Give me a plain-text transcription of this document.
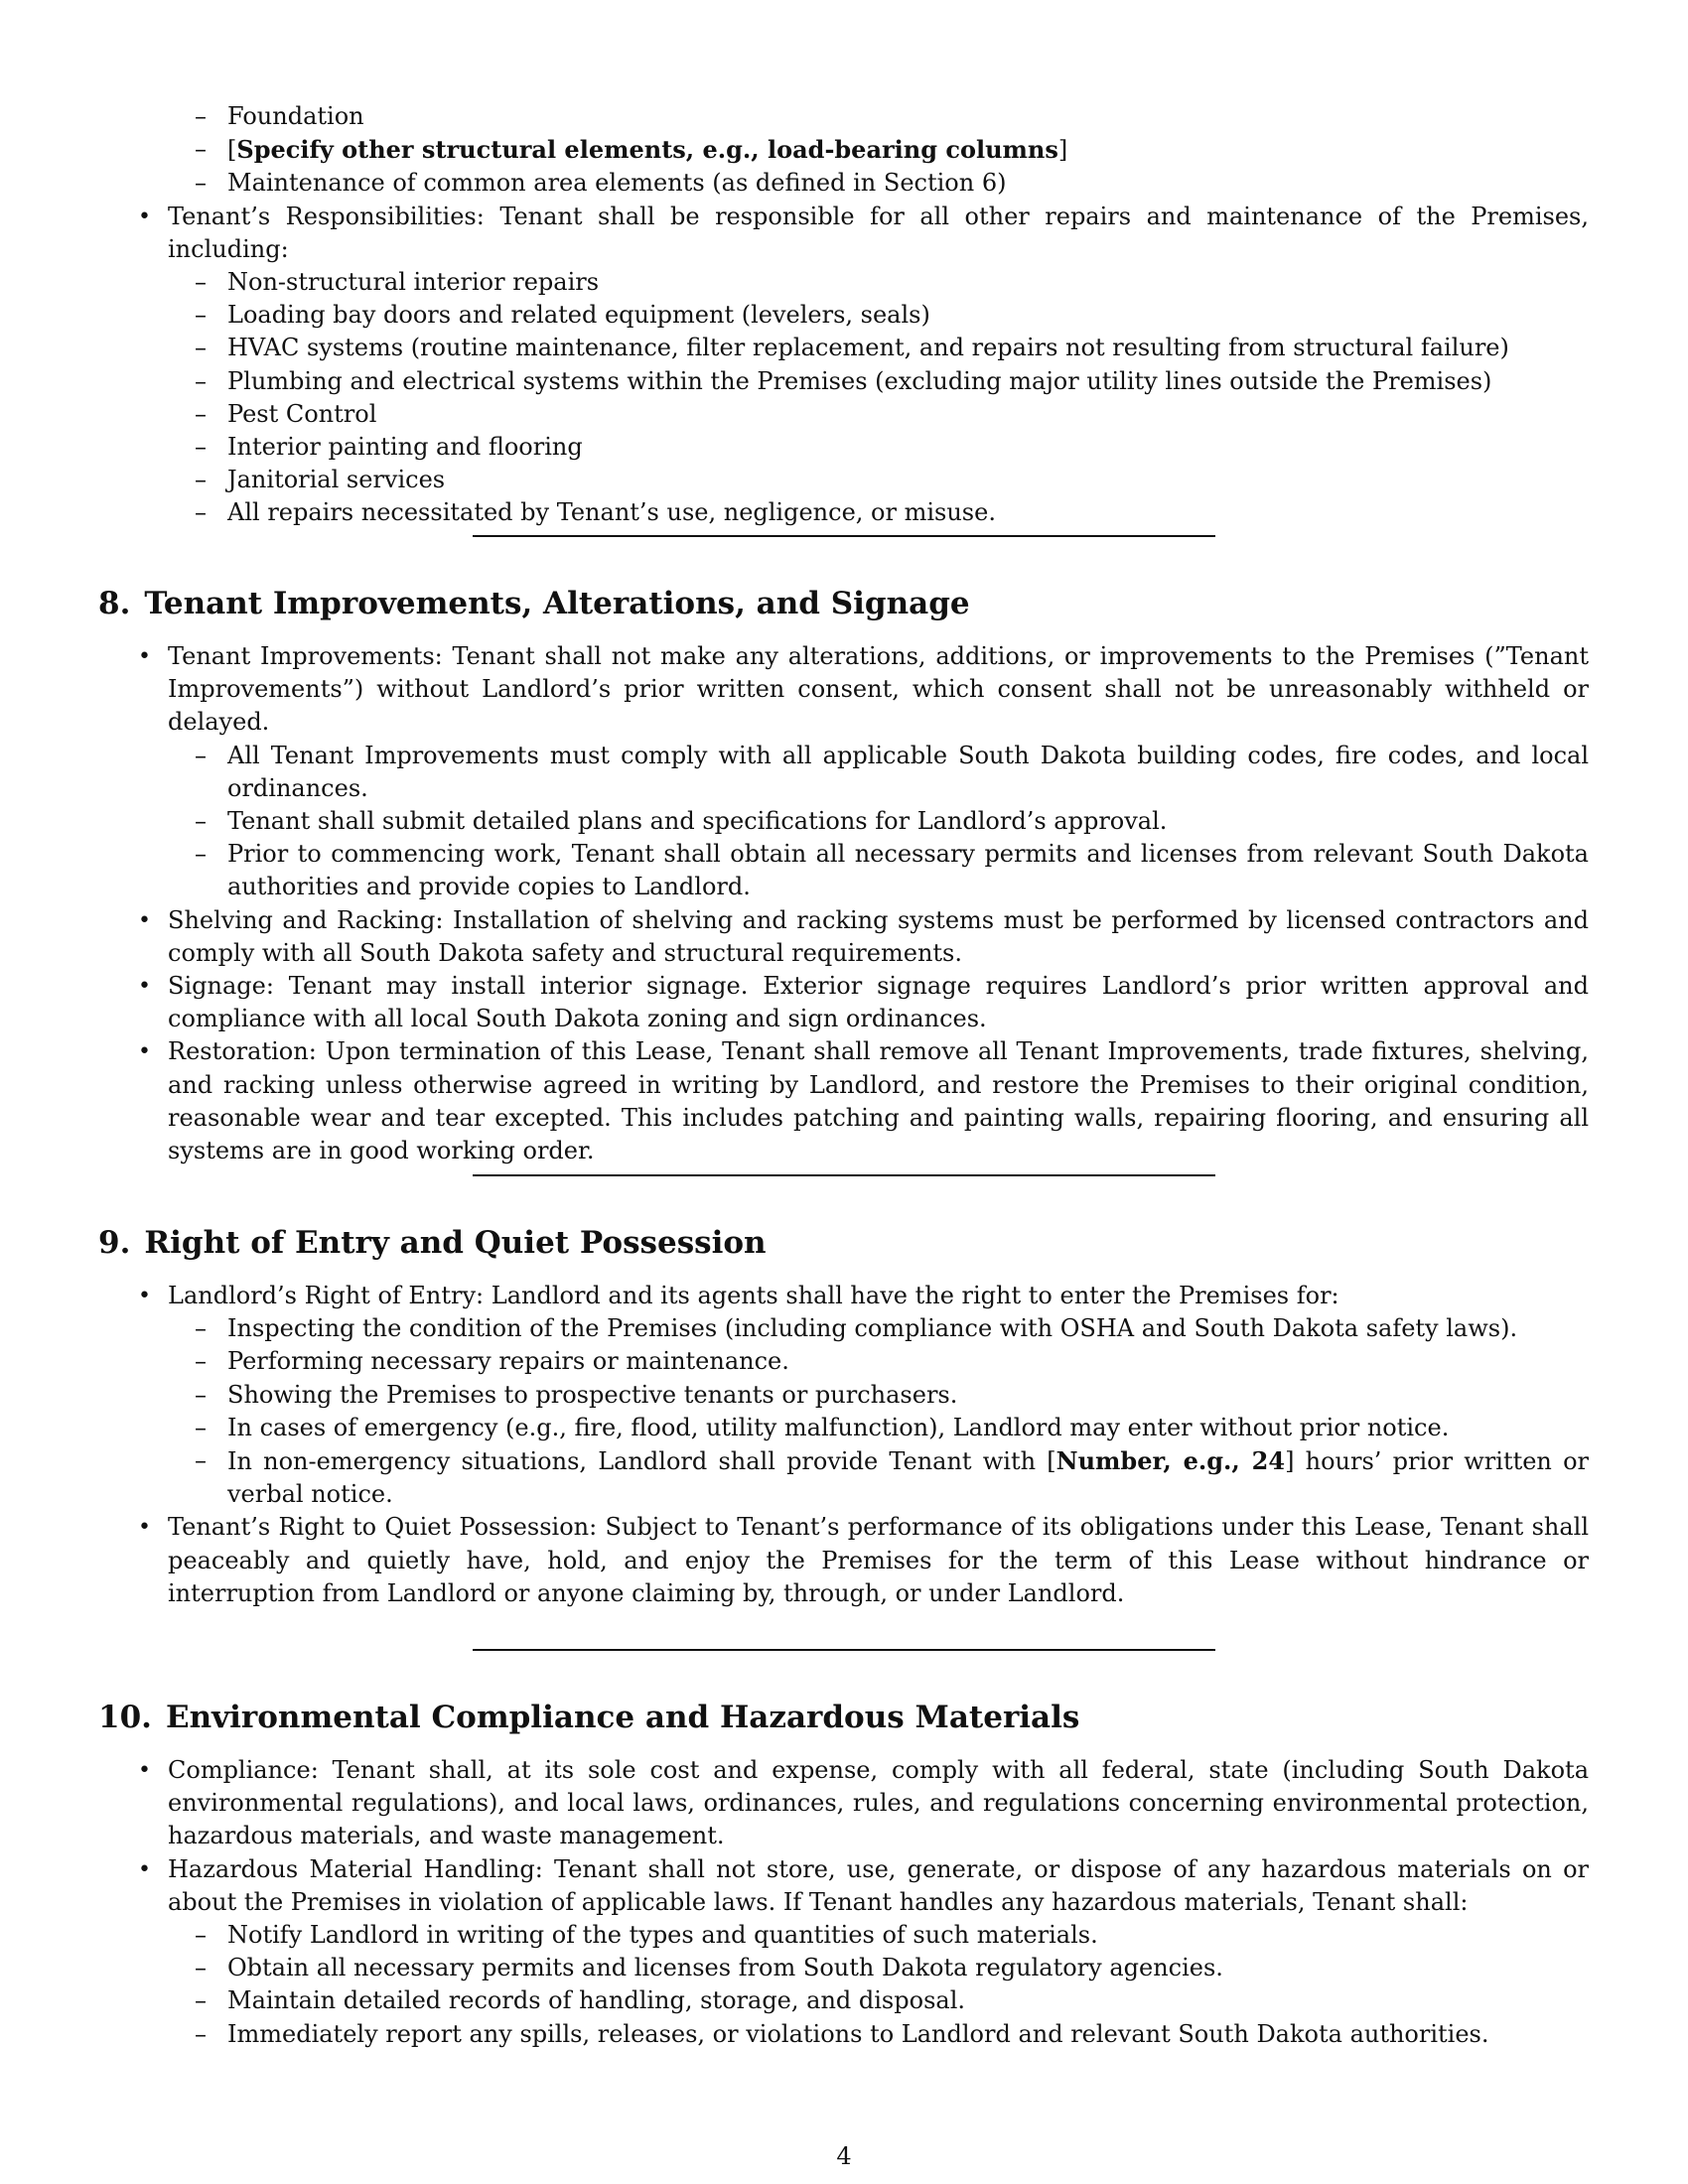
– Foundation
– [Specify other structural elements, e.g., load-bearing columns]
– Maintenance of common area elements (as defined in Section 6)
• Tenant’s Responsibilities: Tenant shall be responsible for all other repairs and maintenance of the Premises, including:
– Non-structural interior repairs
– Loading bay doors and related equipment (levelers, seals)
– HVAC systems (routine maintenance, filter replacement, and repairs not resulting from structural failure)
– Plumbing and electrical systems within the Premises (excluding major utility lines outside the Premises)
– Pest Control
– Interior painting and flooring
– Janitorial services
– All repairs necessitated by Tenant’s use, negligence, or misuse.
8. Tenant Improvements, Alterations, and Signage
• Tenant Improvements: Tenant shall not make any alterations, additions, or improvements to the Premises (”Tenant Improvements”) without Landlord’s prior written consent, which consent shall not be unreasonably withheld or delayed.
– All Tenant Improvements must comply with all applicable South Dakota building codes, fire codes, and local ordinances.
– Tenant shall submit detailed plans and specifications for Landlord’s approval.
– Prior to commencing work, Tenant shall obtain all necessary permits and licenses from relevant South Dakota authorities and provide copies to Landlord.
• Shelving and Racking: Installation of shelving and racking systems must be performed by licensed contractors and comply with all South Dakota safety and structural requirements.
• Signage: Tenant may install interior signage. Exterior signage requires Landlord’s prior written approval and compliance with all local South Dakota zoning and sign ordinances.
• Restoration: Upon termination of this Lease, Tenant shall remove all Tenant Improvements, trade fixtures, shelving, and racking unless otherwise agreed in writing by Landlord, and restore the Premises to their original condition, reasonable wear and tear excepted. This includes patching and painting walls, repairing flooring, and ensuring all systems are in good working order.
9. Right of Entry and Quiet Possession
• Landlord’s Right of Entry: Landlord and its agents shall have the right to enter the Premises for:
– Inspecting the condition of the Premises (including compliance with OSHA and South Dakota safety laws).
– Performing necessary repairs or maintenance.
– Showing the Premises to prospective tenants or purchasers.
– In cases of emergency (e.g., fire, flood, utility malfunction), Landlord may enter without prior notice.
– In non-emergency situations, Landlord shall provide Tenant with [Number, e.g., 24] hours’ prior written or verbal notice.
• Tenant’s Right to Quiet Possession: Subject to Tenant’s performance of its obligations under this Lease, Tenant shall peaceably and quietly have, hold, and enjoy the Premises for the term of this Lease without hindrance or interruption from Landlord or anyone claiming by, through, or under Landlord.
10. Environmental Compliance and Hazardous Materials
• Compliance: Tenant shall, at its sole cost and expense, comply with all federal, state (including South Dakota environmental regulations), and local laws, ordinances, rules, and regulations concerning environmental protection, hazardous materials, and waste management.
• Hazardous Material Handling: Tenant shall not store, use, generate, or dispose of any hazardous materials on or about the Premises in violation of applicable laws. If Tenant handles any hazardous materials, Tenant shall:
– Notify Landlord in writing of the types and quantities of such materials.
– Obtain all necessary permits and licenses from South Dakota regulatory agencies.
– Maintain detailed records of handling, storage, and disposal.
– Immediately report any spills, releases, or violations to Landlord and relevant South Dakota authorities.
4
